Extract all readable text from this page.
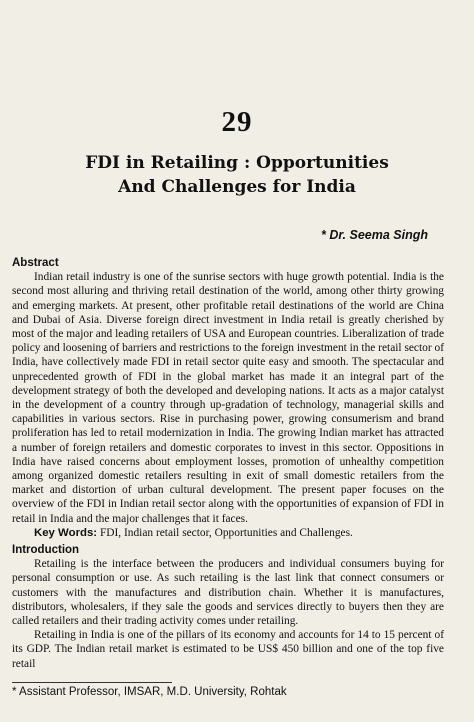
29
FDI in Retailing : Opportunities
And Challenges for India
* Dr. Seema Singh
Abstract

Indian retail industry is one of the sunrise sectors with huge growth potential. India is the second most alluring and thriving retail destination of the world, among other thirty growing and emerging markets. At present, other profitable retail destinations of the world are China and Dubai of Asia. Diverse foreign direct investment in India retail is greatly cherished by most of the major and leading retailers of USA and European countries. Liberalization of trade policy and loosening of barriers and restrictions to the foreign investment in the retail sector of India, have collectively made FDI in retail sector quite easy and smooth. The spectacular and unprecedented growth of FDI in the global market has made it an integral part of the development strategy of both the developed and developing nations. It acts as a major catalyst in the development of a country through up-gradation of technology, managerial skills and capabilities in various sectors. Rise in purchasing power, growing consumerism and brand proliferation has led to retail modernization in India. The growing Indian market has attracted a number of foreign retailers and domestic corporates to invest in this sector. Oppositions in India have raised concerns about employment losses, promotion of unhealthy competition among organized domestic retailers resulting in exit of small domestic retailers from the market and distortion of urban cultural development. The present paper focuses on the overview of the FDI in Indian retail sector along with the opportunities of expansion of FDI in retail in India and the major challenges that it faces.

Key Words: FDI, Indian retail sector, Opportunities and Challenges.

Introduction

Retailing is the interface between the producers and individual consumers buying for personal consumption or use. As such retailing is the last link that connect consumers or customers with the manufactures and distribution chain. Whether it is manufactures, distributors, wholesalers, if they sale the goods and services directly to buyers then they are called retailers and their trading activity comes under retailing.

Retailing in India is one of the pillars of its economy and accounts for 14 to 15 percent of its GDP. The Indian retail market is estimated to be US$ 450 billion and one of the top five retail

* Assistant Professor, IMSAR, M.D. University, Rohtak
